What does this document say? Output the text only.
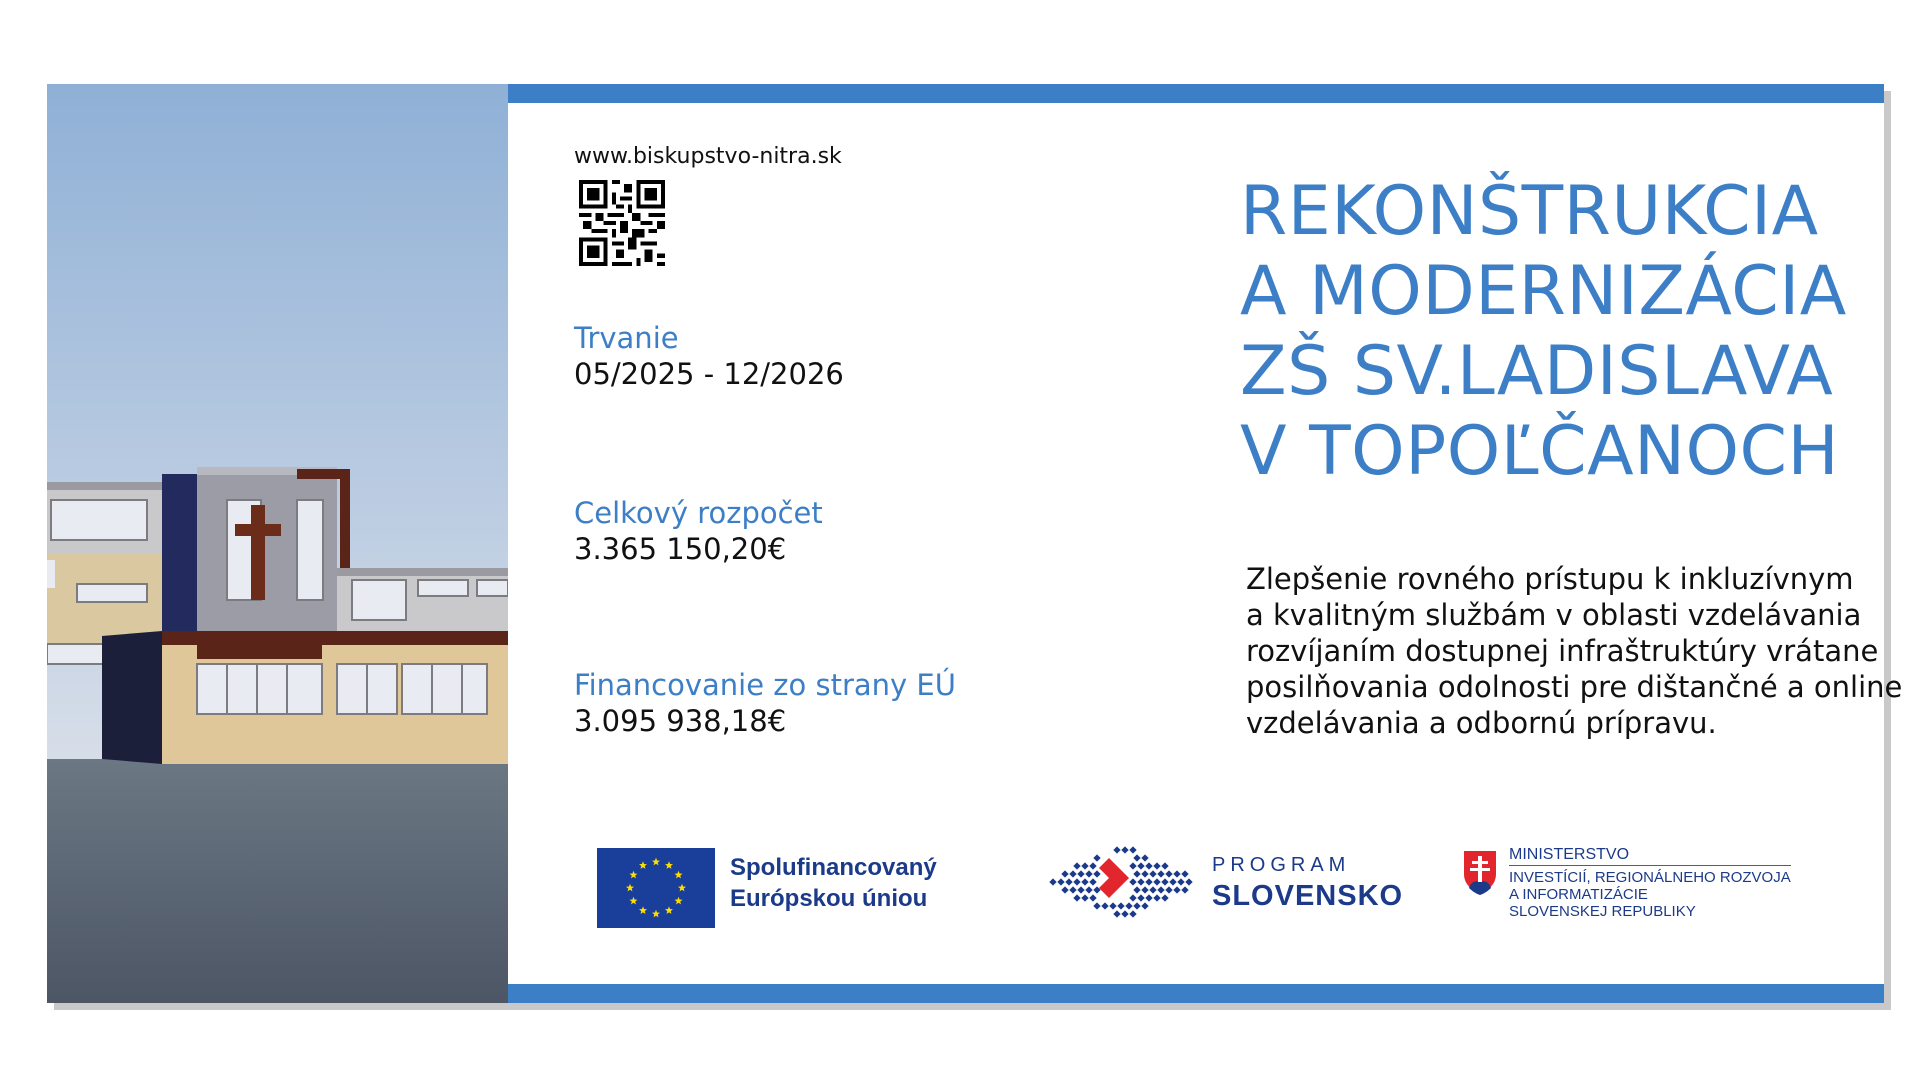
www.biskupstvo-nitra.sk
Trvanie
05/2025 - 12/2026
Celkový rozpočet
3.365 150,20€
Financovanie zo strany EÚ
3.095 938,18€
REKONŠTRUKCIA
A MODERNIZÁCIA
ZŠ SV.LADISLAVA
V TOPOĽČANOCH
Zlepšenie rovného prístupu k inkluzívnym
a kvalitným službám v oblasti vzdelávania
rozvíjaním dostupnej infraštruktúry vrátane
posilňovania odolnosti pre dištančné a online
vzdelávania a odbornú prípravu.
Spolufinancovaný
Európskou úniou
PROGRAM
SLOVENSKO
MINISTERSTVO
INVESTÍCIÍ, REGIONÁLNEHO ROZVOJA
A INFORMATIZÁCIE
SLOVENSKEJ REPUBLIKY
